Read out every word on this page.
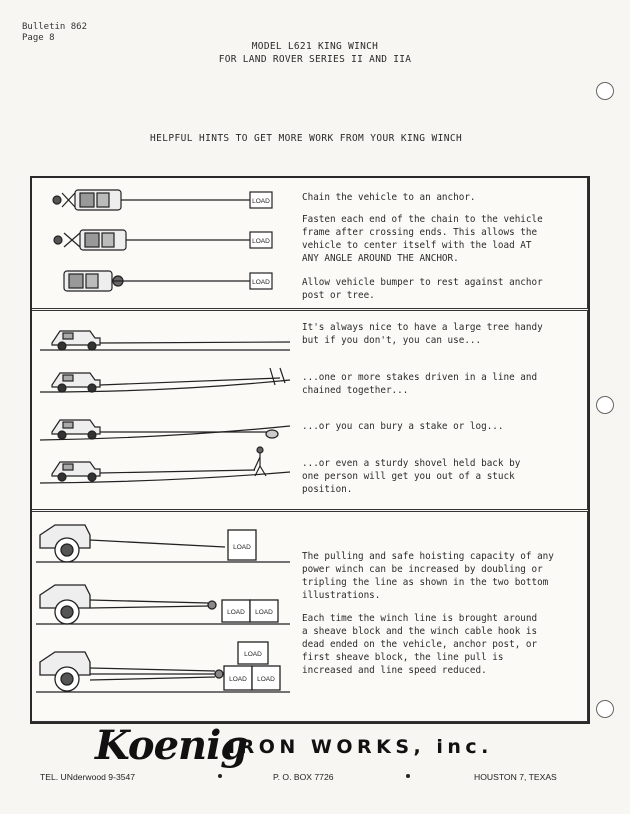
Bulletin 862
Page 8
MODEL L621 KING WINCH
FOR LAND ROVER SERIES II AND IIA
HELPFUL HINTS TO GET MORE WORK FROM YOUR KING WINCH
LOAD
LOAD
LOAD
LOAD
LOAD LOAD
LOAD
LOAD LOAD
Chain the vehicle to an anchor.
Fasten each end of the chain to the vehicle
frame after crossing ends. This allows the
vehicle to center itself with the load AT
ANY ANGLE AROUND THE ANCHOR.
Allow vehicle bumper to rest against anchor
post or tree.
It's always nice to have a large tree handy
but if you don't, you can use...
...one or more stakes driven in a line and
chained together...
...or you can bury a stake or log...
...or even a sturdy shovel held back by
one person will get you out of a stuck
position.
The pulling and safe hoisting capacity of any
power winch can be increased by doubling or
tripling the line as shown in the two bottom
illustrations.
Each time the winch line is brought around
a sheave block and the winch cable hook is
dead ended on the vehicle, anchor post, or
first sheave block, the line pull is
increased and line speed reduced.
Koenig
IRON WORKS, inc.
TEL. UNderwood 9-3547	P. O. BOX 7726	HOUSTON 7, TEXAS
